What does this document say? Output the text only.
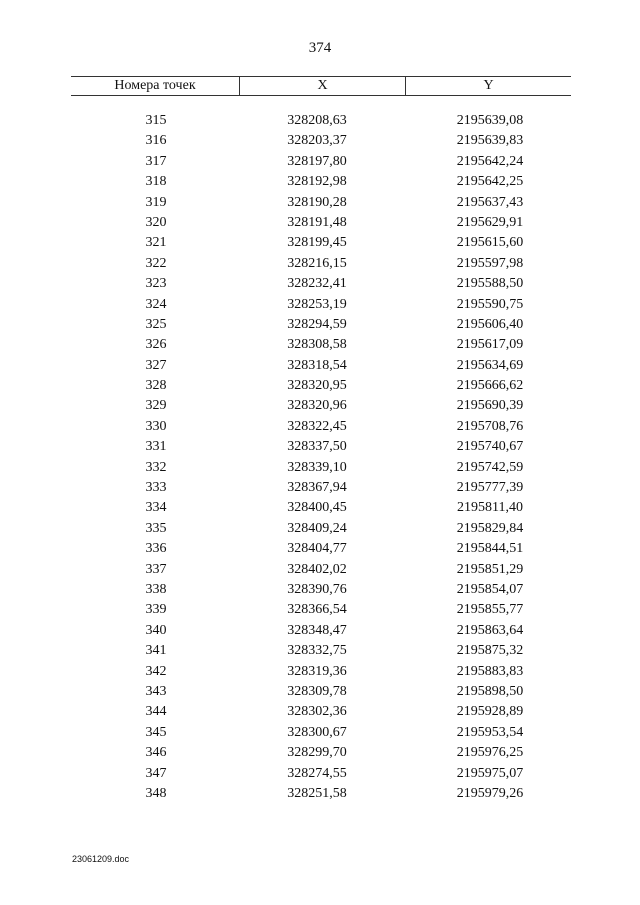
374
Номера точек	X	Y
315	328208,63	2195639,08
316	328203,37	2195639,83
317	328197,80	2195642,24
318	328192,98	2195642,25
319	328190,28	2195637,43
320	328191,48	2195629,91
321	328199,45	2195615,60
322	328216,15	2195597,98
323	328232,41	2195588,50
324	328253,19	2195590,75
325	328294,59	2195606,40
326	328308,58	2195617,09
327	328318,54	2195634,69
328	328320,95	2195666,62
329	328320,96	2195690,39
330	328322,45	2195708,76
331	328337,50	2195740,67
332	328339,10	2195742,59
333	328367,94	2195777,39
334	328400,45	2195811,40
335	328409,24	2195829,84
336	328404,77	2195844,51
337	328402,02	2195851,29
338	328390,76	2195854,07
339	328366,54	2195855,77
340	328348,47	2195863,64
341	328332,75	2195875,32
342	328319,36	2195883,83
343	328309,78	2195898,50
344	328302,36	2195928,89
345	328300,67	2195953,54
346	328299,70	2195976,25
347	328274,55	2195975,07
348	328251,58	2195979,26
23061209.doc
